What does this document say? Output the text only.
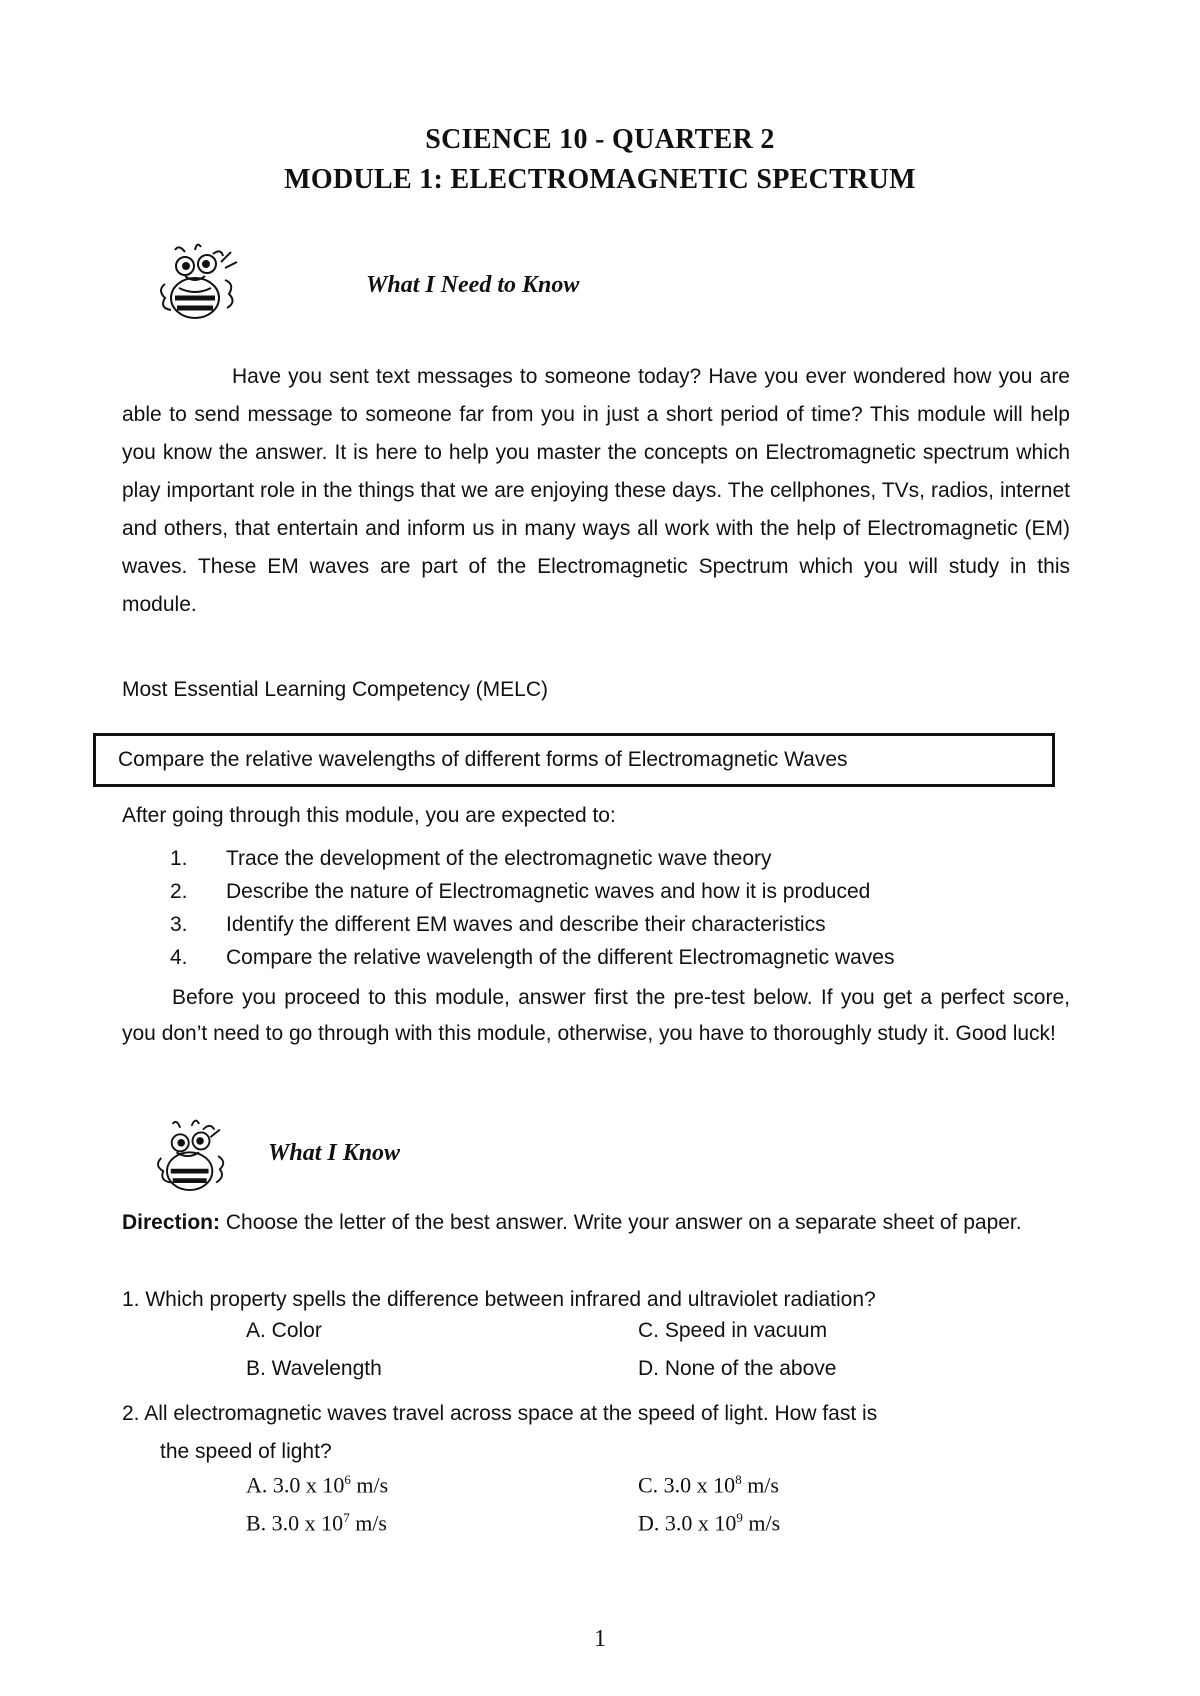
SCIENCE 10 - QUARTER 2
MODULE 1: ELECTROMAGNETIC SPECTRUM
What I Need to Know
Have you sent text messages to someone today? Have you ever wondered how you are able to send message to someone far from you in just a short period of time? This module will help you know the answer. It is here to help you master the concepts on Electromagnetic spectrum which play important role in the things that we are enjoying these days. The cellphones, TVs, radios, internet and others, that entertain and inform us in many ways all work with the help of Electromagnetic (EM) waves. These EM waves are part of the Electromagnetic Spectrum which you will study in this module.
Most Essential Learning Competency (MELC)
Compare the relative wavelengths of different forms of Electromagnetic Waves
After going through this module, you are expected to:
1.	Trace the development of the electromagnetic wave theory
2.	Describe the nature of Electromagnetic waves and how it is produced
3.	Identify the different EM waves and describe their characteristics
4.	Compare the relative wavelength of the different Electromagnetic waves
Before you proceed to this module, answer first the pre-test below. If you get a perfect score, you don’t need to go through with this module, otherwise, you have to thoroughly study it. Good luck!
What I Know
Direction: Choose the letter of the best answer. Write your answer on a separate sheet of paper.
1. Which property spells the difference between infrared and ultraviolet radiation?
A. Color	C. Speed in vacuum
B. Wavelength	D. None of the above
2. All electromagnetic waves travel across space at the speed of light. How fast is
the speed of light?
A. 3.0 x $10^6$ m/s	C. 3.0 x $10^8$ m/s
B. 3.0 x $10^7$ m/s	D. 3.0 x $10^9$ m/s
1
